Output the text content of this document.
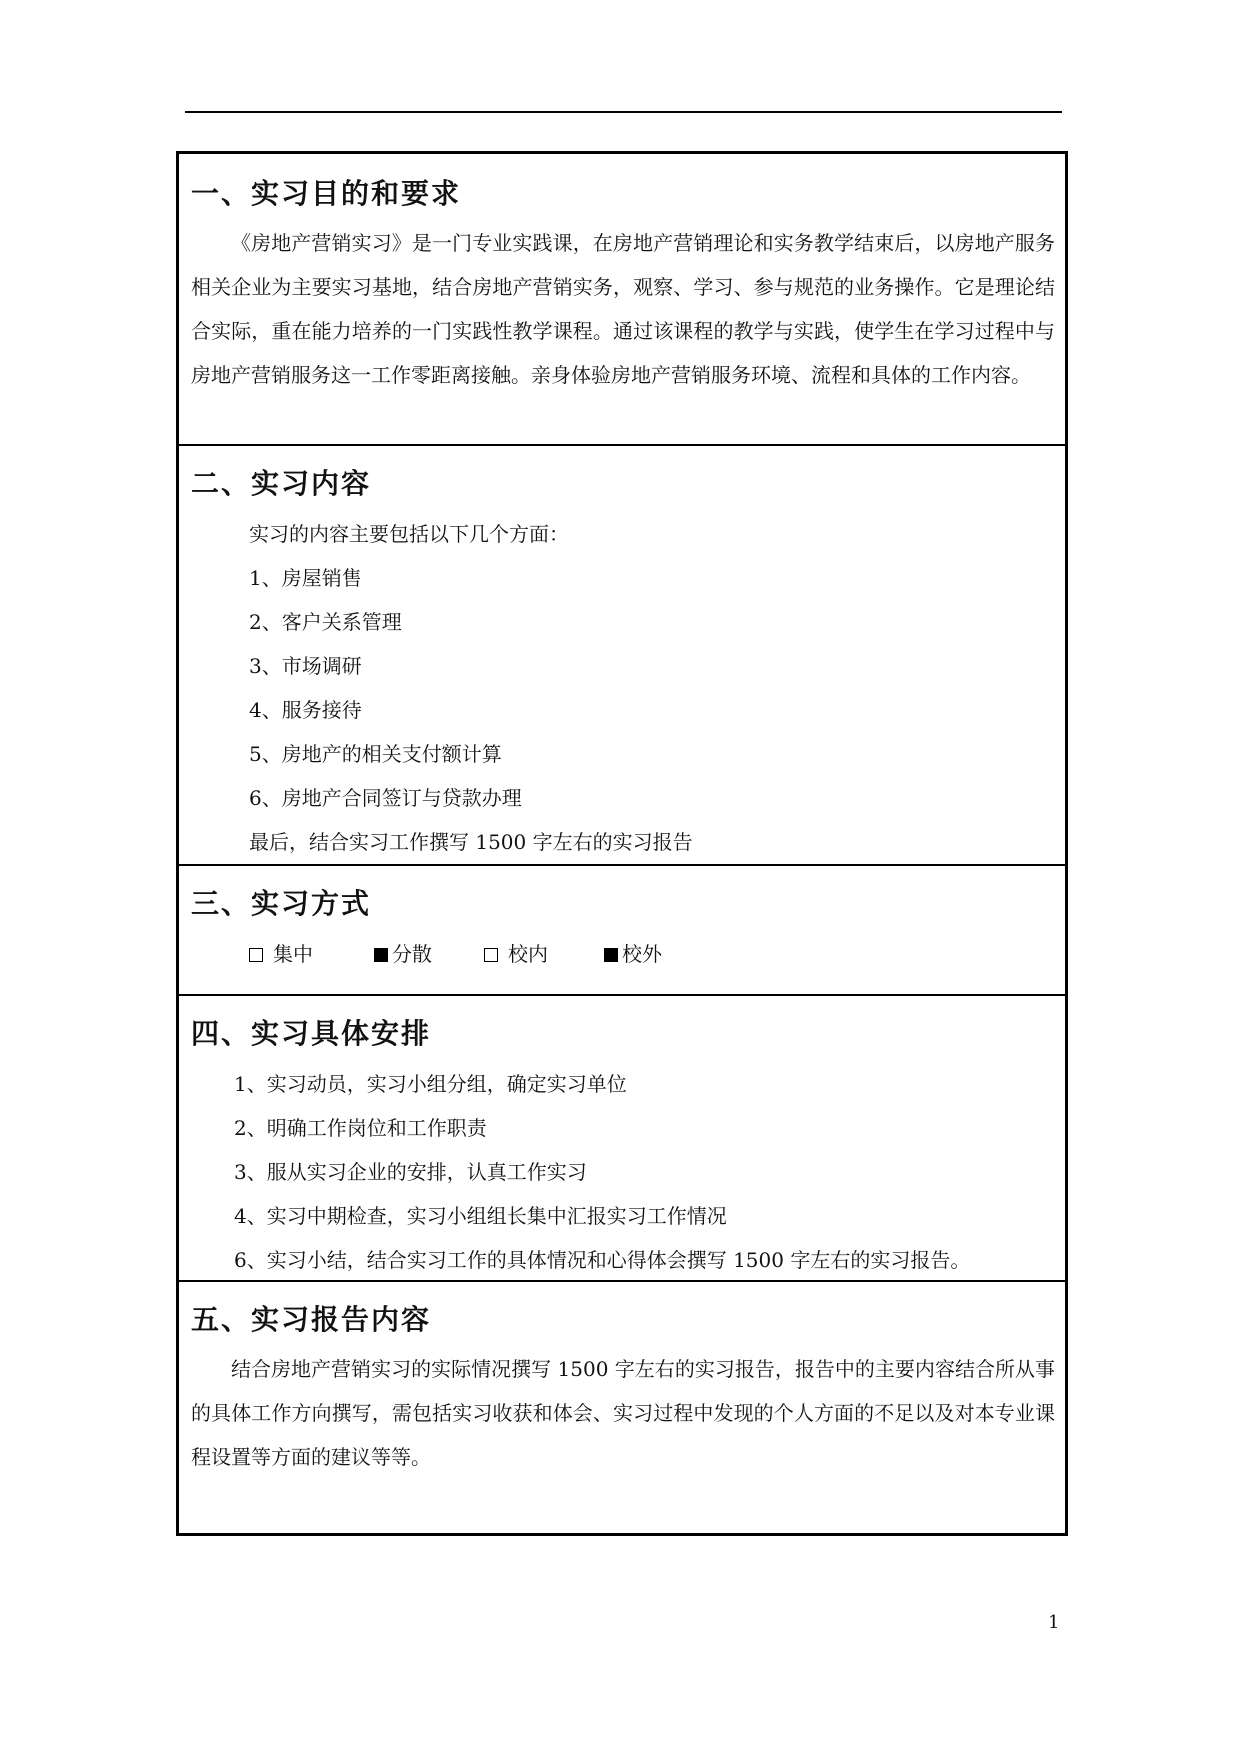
一、实习目的和要求

《房地产营销实习》是一门专业实践课，在房地产营销理论和实务教学结束后，以房地产服务相关企业为主要实习基地，结合房地产营销实务，观察、学习、参与规范的业务操作。它是理论结合实际，重在能力培养的一门实践性教学课程。通过该课程的教学与实践，使学生在学习过程中与房地产营销服务这一工作零距离接触。亲身体验房地产营销服务环境、流程和具体的工作内容。

二、实习内容
实习的内容主要包括以下几个方面：
1、房屋销售
2、客户关系管理
3、市场调研
4、服务接待
5、房地产的相关支付额计算
6、房地产合同签订与贷款办理
最后，结合实习工作撰写 1500 字左右的实习报告
三、实习方式
集中	分散	校内	校外
四、实习具体安排
1、实习动员，实习小组分组，确定实习单位
2、明确工作岗位和工作职责
3、服从实习企业的安排，认真工作实习
4、实习中期检查，实习小组组长集中汇报实习工作情况
6、实习小结，结合实习工作的具体情况和心得体会撰写 1500 字左右的实习报告。
五、实习报告内容

结合房地产营销实习的实际情况撰写 1500 字左右的实习报告，报告中的主要内容结合所从事的具体工作方向撰写，需包括实习收获和体会、实习过程中发现的个人方面的不足以及对本专业课程设置等方面的建议等等。

1
